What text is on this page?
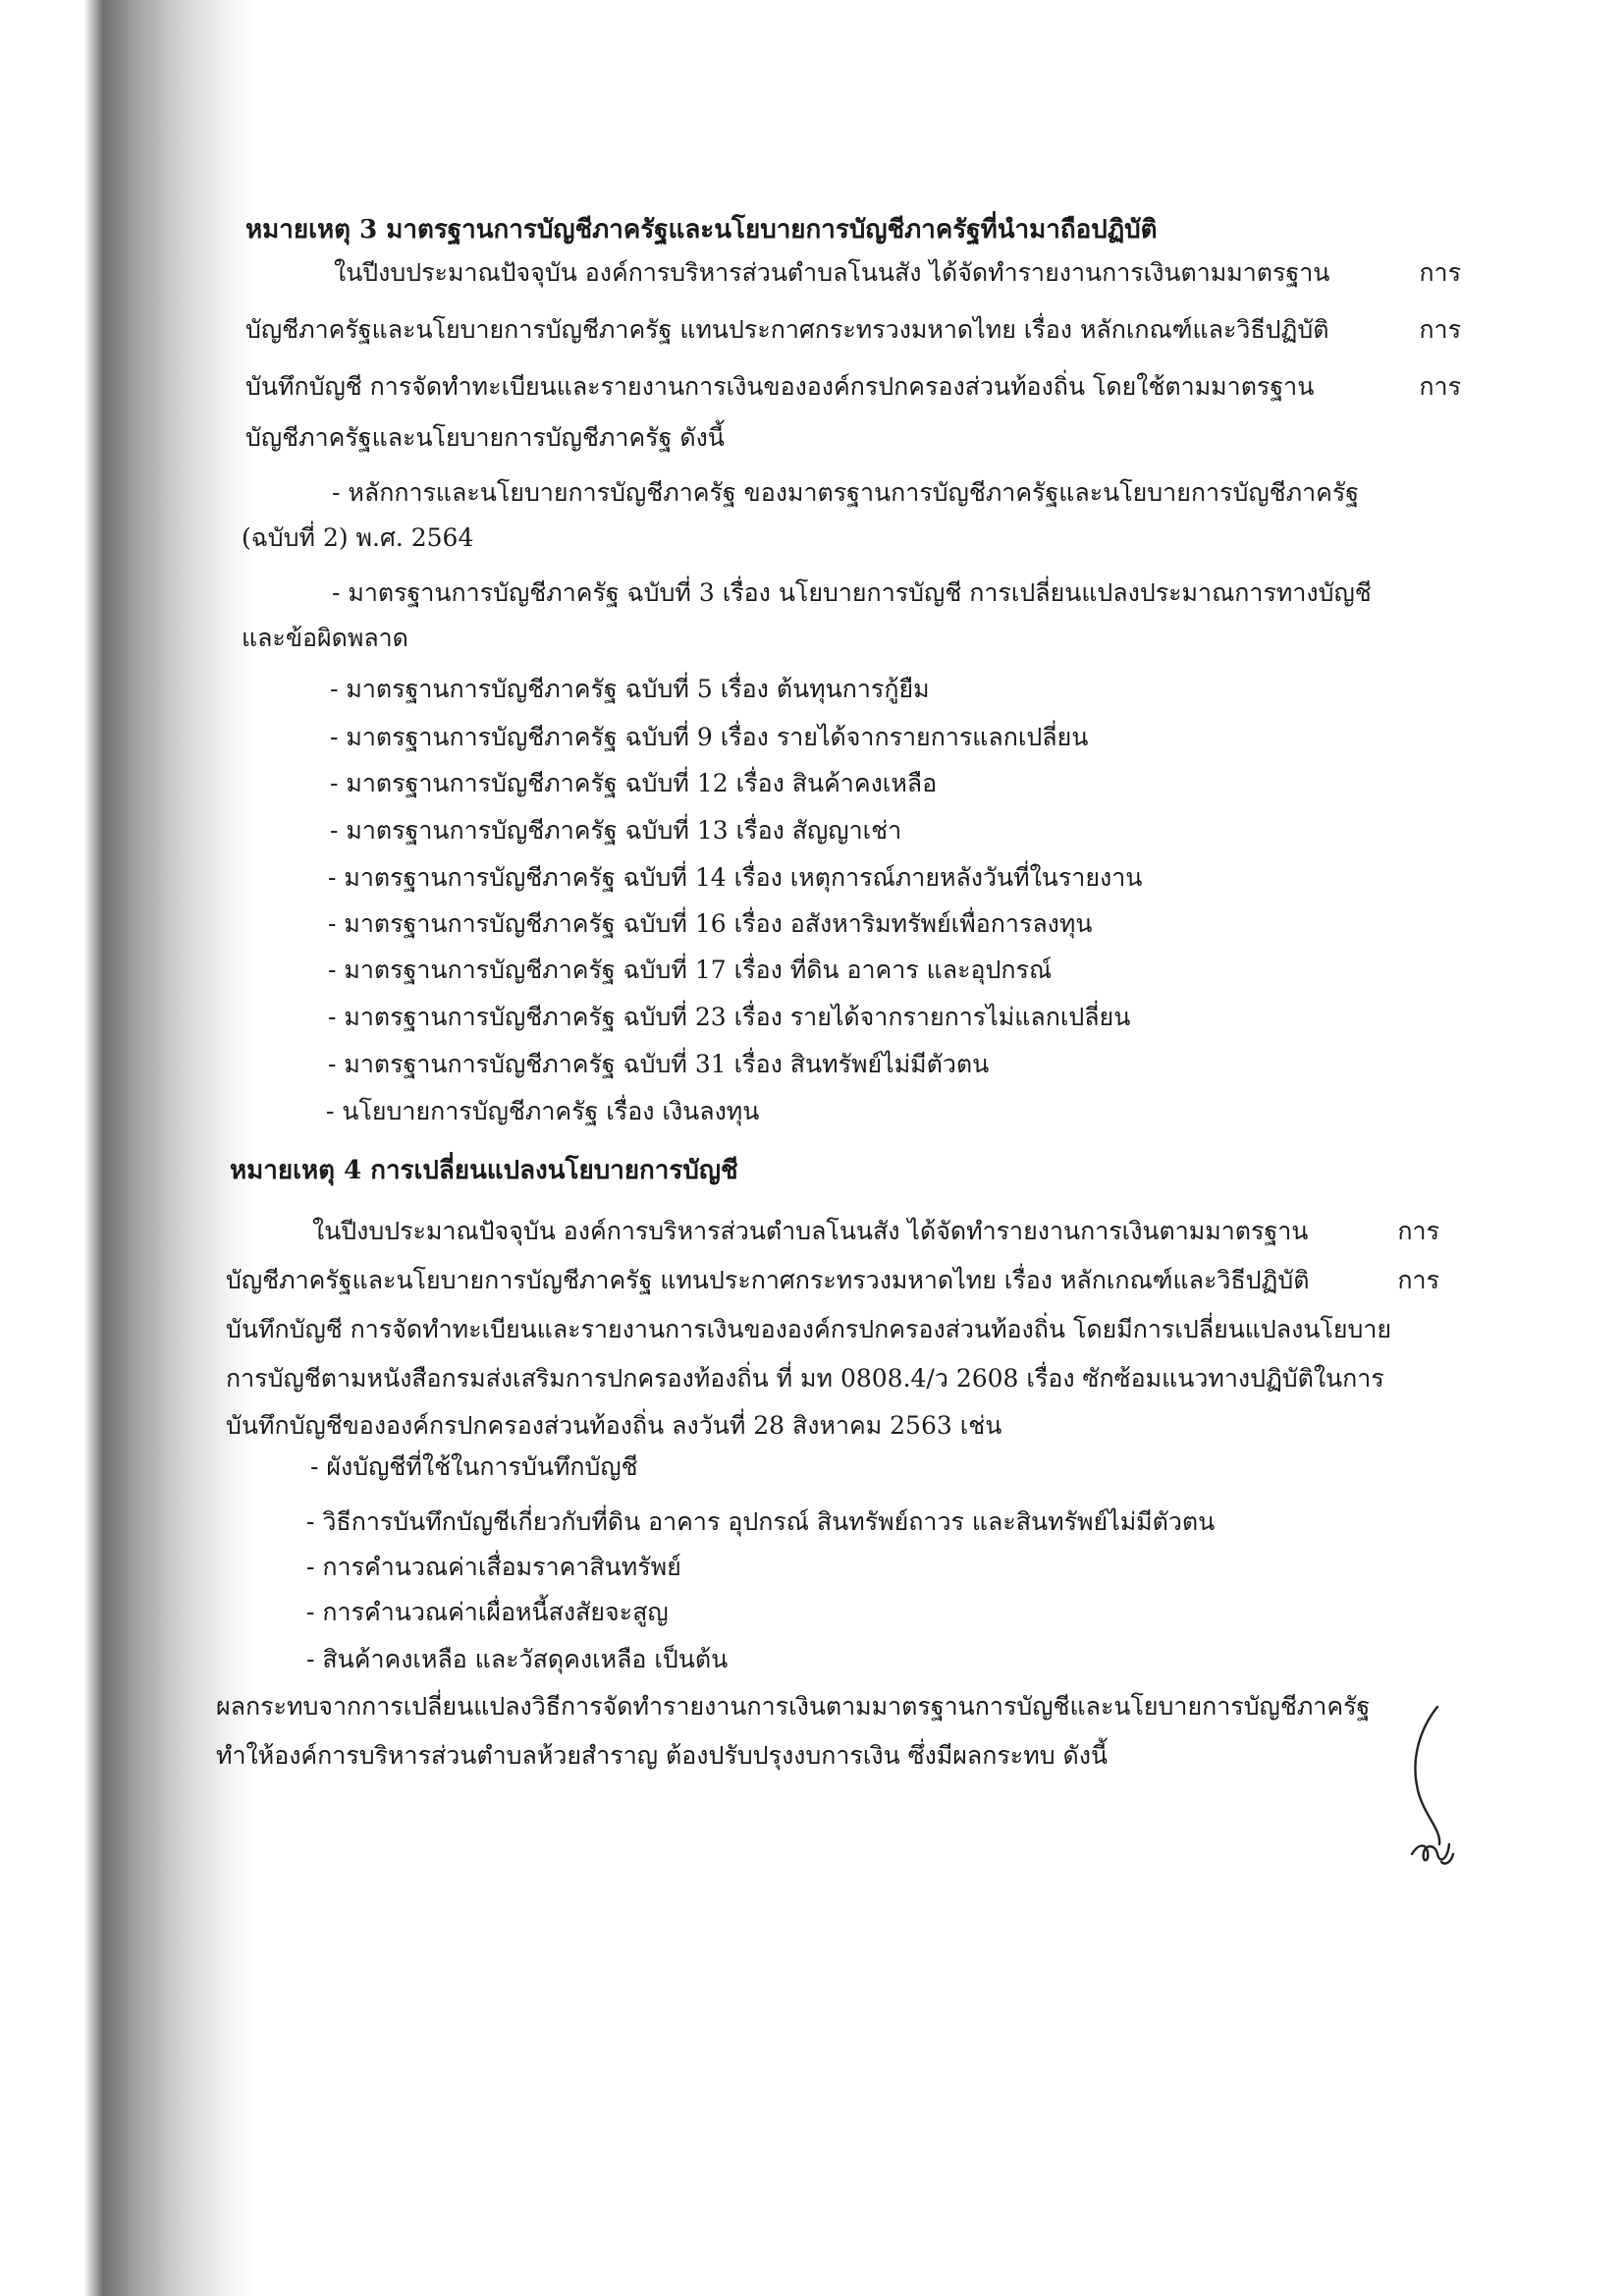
หมายเหตุ 3 มาตรฐานการบัญชีภาครัฐและนโยบายการบัญชีภาครัฐที่นำมาถือปฏิบัติ
ในปีงบประมาณปัจจุบัน องค์การบริหารส่วนตำบลโนนสัง ได้จัดทำรายงานการเงินตามมาตรฐาน	การ
บัญชีภาครัฐและนโยบายการบัญชีภาครัฐ แทนประกาศกระทรวงมหาดไทย เรื่อง หลักเกณฑ์และวิธีปฏิบัติ	การ
บันทึกบัญชี การจัดทำทะเบียนและรายงานการเงินขององค์กรปกครองส่วนท้องถิ่น โดยใช้ตามมาตรฐาน	การ
บัญชีภาครัฐและนโยบายการบัญชีภาครัฐ ดังนี้
- หลักการและนโยบายการบัญชีภาครัฐ ของมาตรฐานการบัญชีภาครัฐและนโยบายการบัญชีภาครัฐ
(ฉบับที่ 2) พ.ศ. 2564
- มาตรฐานการบัญชีภาครัฐ ฉบับที่ 3 เรื่อง นโยบายการบัญชี การเปลี่ยนแปลงประมาณการทางบัญชี
และข้อผิดพลาด
- มาตรฐานการบัญชีภาครัฐ ฉบับที่ 5 เรื่อง ต้นทุนการกู้ยืม
- มาตรฐานการบัญชีภาครัฐ ฉบับที่ 9 เรื่อง รายได้จากรายการแลกเปลี่ยน
- มาตรฐานการบัญชีภาครัฐ ฉบับที่ 12 เรื่อง สินค้าคงเหลือ
- มาตรฐานการบัญชีภาครัฐ ฉบับที่ 13 เรื่อง สัญญาเช่า
- มาตรฐานการบัญชีภาครัฐ ฉบับที่ 14 เรื่อง เหตุการณ์ภายหลังวันที่ในรายงาน
- มาตรฐานการบัญชีภาครัฐ ฉบับที่ 16 เรื่อง อสังหาริมทรัพย์เพื่อการลงทุน
- มาตรฐานการบัญชีภาครัฐ ฉบับที่ 17 เรื่อง ที่ดิน อาคาร และอุปกรณ์
- มาตรฐานการบัญชีภาครัฐ ฉบับที่ 23 เรื่อง รายได้จากรายการไม่แลกเปลี่ยน
- มาตรฐานการบัญชีภาครัฐ ฉบับที่ 31 เรื่อง สินทรัพย์ไม่มีตัวตน
- นโยบายการบัญชีภาครัฐ เรื่อง เงินลงทุน
หมายเหตุ 4 การเปลี่ยนแปลงนโยบายการบัญชี
ในปีงบประมาณปัจจุบัน องค์การบริหารส่วนตำบลโนนสัง ได้จัดทำรายงานการเงินตามมาตรฐาน	การ
บัญชีภาครัฐและนโยบายการบัญชีภาครัฐ แทนประกาศกระทรวงมหาดไทย เรื่อง หลักเกณฑ์และวิธีปฏิบัติ	การ
บันทึกบัญชี การจัดทำทะเบียนและรายงานการเงินขององค์กรปกครองส่วนท้องถิ่น โดยมีการเปลี่ยนแปลงนโยบาย
การบัญชีตามหนังสือกรมส่งเสริมการปกครองท้องถิ่น ที่ มท 0808.4/ว 2608 เรื่อง ซักซ้อมแนวทางปฏิบัติในการ
บันทึกบัญชีขององค์กรปกครองส่วนท้องถิ่น ลงวันที่ 28 สิงหาคม 2563 เช่น
- ผังบัญชีที่ใช้ในการบันทึกบัญชี
- วิธีการบันทึกบัญชีเกี่ยวกับที่ดิน อาคาร อุปกรณ์ สินทรัพย์ถาวร และสินทรัพย์ไม่มีตัวตน
- การคำนวณค่าเสื่อมราคาสินทรัพย์
- การคำนวณค่าเผื่อหนี้สงสัยจะสูญ
- สินค้าคงเหลือ และวัสดุคงเหลือ เป็นต้น
ผลกระทบจากการเปลี่ยนแปลงวิธีการจัดทำรายงานการเงินตามมาตรฐานการบัญชีและนโยบายการบัญชีภาครัฐ
ทำให้องค์การบริหารส่วนตำบลห้วยสำราญ ต้องปรับปรุงงบการเงิน ซึ่งมีผลกระทบ ดังนี้
